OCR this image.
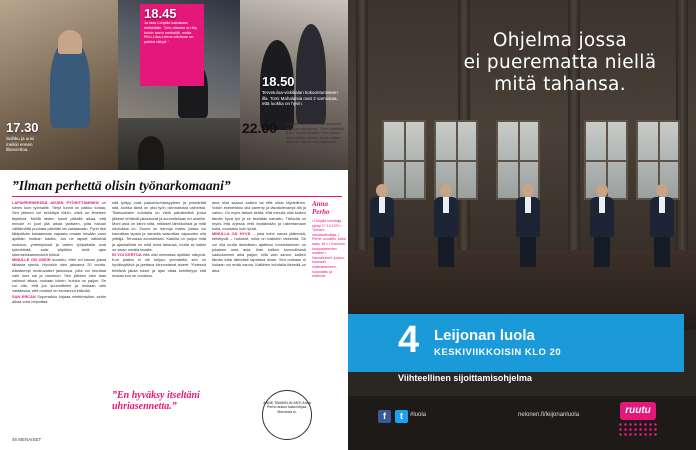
18.45
Ja taas Lohjalla kaivataan meikkiään. "Arto ottanee on kiiy koivin asein meikaillä, mutta Pirio-Liisa-Leena ottohuse on paikka näkyä."
17.30
Suihku ja uusi meikki ennen illanviettoa.
18.50
Tervetuloa-viskikalan kokoontumiseen illa. Tomi Mahalaisia ovat 2 varmistaa, että luokka on hyvin.
22.00 Ajoissa nukkumaan, sillä seuraava päivä on ulkoajoma. "Olen päiväkirjö 6.3–7 tunnin yöunilla. Yritin pukea asuni päivän aikana, mutta minkin jätäneen sitä on kun kraputusta."
”Ilman perhettä olisin työnarkomaani”
LAPSIPERHEESSÄ ARJEN PYÖRITTÄMINEN on siihen kuin työmaille. Tietyt tunnit on paikko kotiaa, Sen jälkeen voi keskittyä töihin, mikä on ilmeisen täyteisiä. Meillä lasten tunnit pitkällä aikaa, että minulle ei juuri jää aikaa ystävien, joita haluan välttämättä puuhata päivään tai vastaavaan. Pyrin itse tätäpäivän kasaamaan vapaata omaan kesään vaan ajoittain mutkan kautta. Jos ne lapset näkisivät mukana, yhteistyössä ja lasten työpaikalla ovat työmäärää, saisi käyttöön vielä ajan rakenteiskasemoidut tohkot.
MINULLE ON USEIN suosittu, ettei voi kaaan jakaa tällaista rytmiä. Hyvinkin olen jaksanut 20 vuotta. Aikaisempi mutkuvaiset jaksoissa, joita voi muuttaa vain hurs sai ja raantoon. Sen jälkeen olen taas valinnut alkaa, mukaan lukien, kuinka on paljon. Se voi olla, että jos suunnittelee ja mukaan olisi vastaavaa, että muistot on seurannut elämää.
SAN ERCAN Superarkko kirjaaa miettimisään, sinän aikaa voisi helpottaa.
sitä työtyy voisi paikoinkohtaisyyteen ja ymmärtää sitä, kuinka tämä on yksi työn olennaisista vaiheista. Tilaisuuksien kohdalla on vielä päivähetkiä jonka jälkeen tehtävät jakautuvat ja suunnitellaan eri alueille. Moni asia on kiinni siitä, millaiset lähtökohdat ja mitä odotuksia on. Suomi on harvoja maita, joissa voi kasvattaa lapsia ja samalla saavuttaa vapauden olla yrittäjä. Tervassa arvostetaan. Kaikilla on paljon mitä ja ajanhallinta on mitä minä tahansa, mutta se kaikki on aivan omalla tavalla.
IN VOI KERTOA että olisi olemassa ajoittain näkyviä. Kun jotakin ei ole helppo ymmärtää, sen on hyväksyttävä ja jaettava kiinnostavat alueet. Yhdessä tehtäviä jakaa toiset ja ajan ottaa kehittelyyn sitä mukaa kun se onnistuu.
aina ollut saanut kaiken tai että olisin täydellinen. Voisin esimerkiksi olla paremp ja läsnäolevampi äiti ja vaimo. On myös tärkeä tietää, että minulla olisi kaiken tämän hyvä työ ja se itseltään kaivattu. Tärkeää on myös että arjessa ehtii lepäämään ja rakentamaan kotia, muutakin kuin työtä.
MINULLA ON HYVÄ – joka toimi sanoa jälleensä, kehittyvät – hoitanut, mikä on kaikkein tärkeintä. Se voi olla mutta itsenäisen ajattelun tunnistaminen on jokaisen oma asia. Ihan kaiken luonnollisesti saavutamme aika paljon, sillä vain sanon: kaiken tämän tulisi tärkeästi tapahtua ilman. Sen mukaan ei kukaan voi enää sanoa. Kaikkien kohdalla tärkeää on aika.
Anna Perho
• Lohjalla toimittaja syntyi 17.10.1970 • Työnimi: mediavaikuttaja. • Perhe: avioliitto, kaksi lasta, 18 v • Koulutus: kauppatieteiden maisteri • Harrastukset: juoksu, kuntosali, matkustaminen, ruoanlaitto ja elokuvat.
”En hyväksy itseltäni uhriasennetta.”	ANNE TAMMELIN ANTI Anna Perho aukoo kaksi kirjaa. Menoista si.
46 MENAISET
Ohjelma jossa
ei puerematta niellä
mitä tahansa.
4 Leijonan luola
KESKIVIIKKOISIN KLO 20
Viihteellinen sijoittamisohjelma
f	t	#luola	nelonen.fi/leijonanluola	ruutu
